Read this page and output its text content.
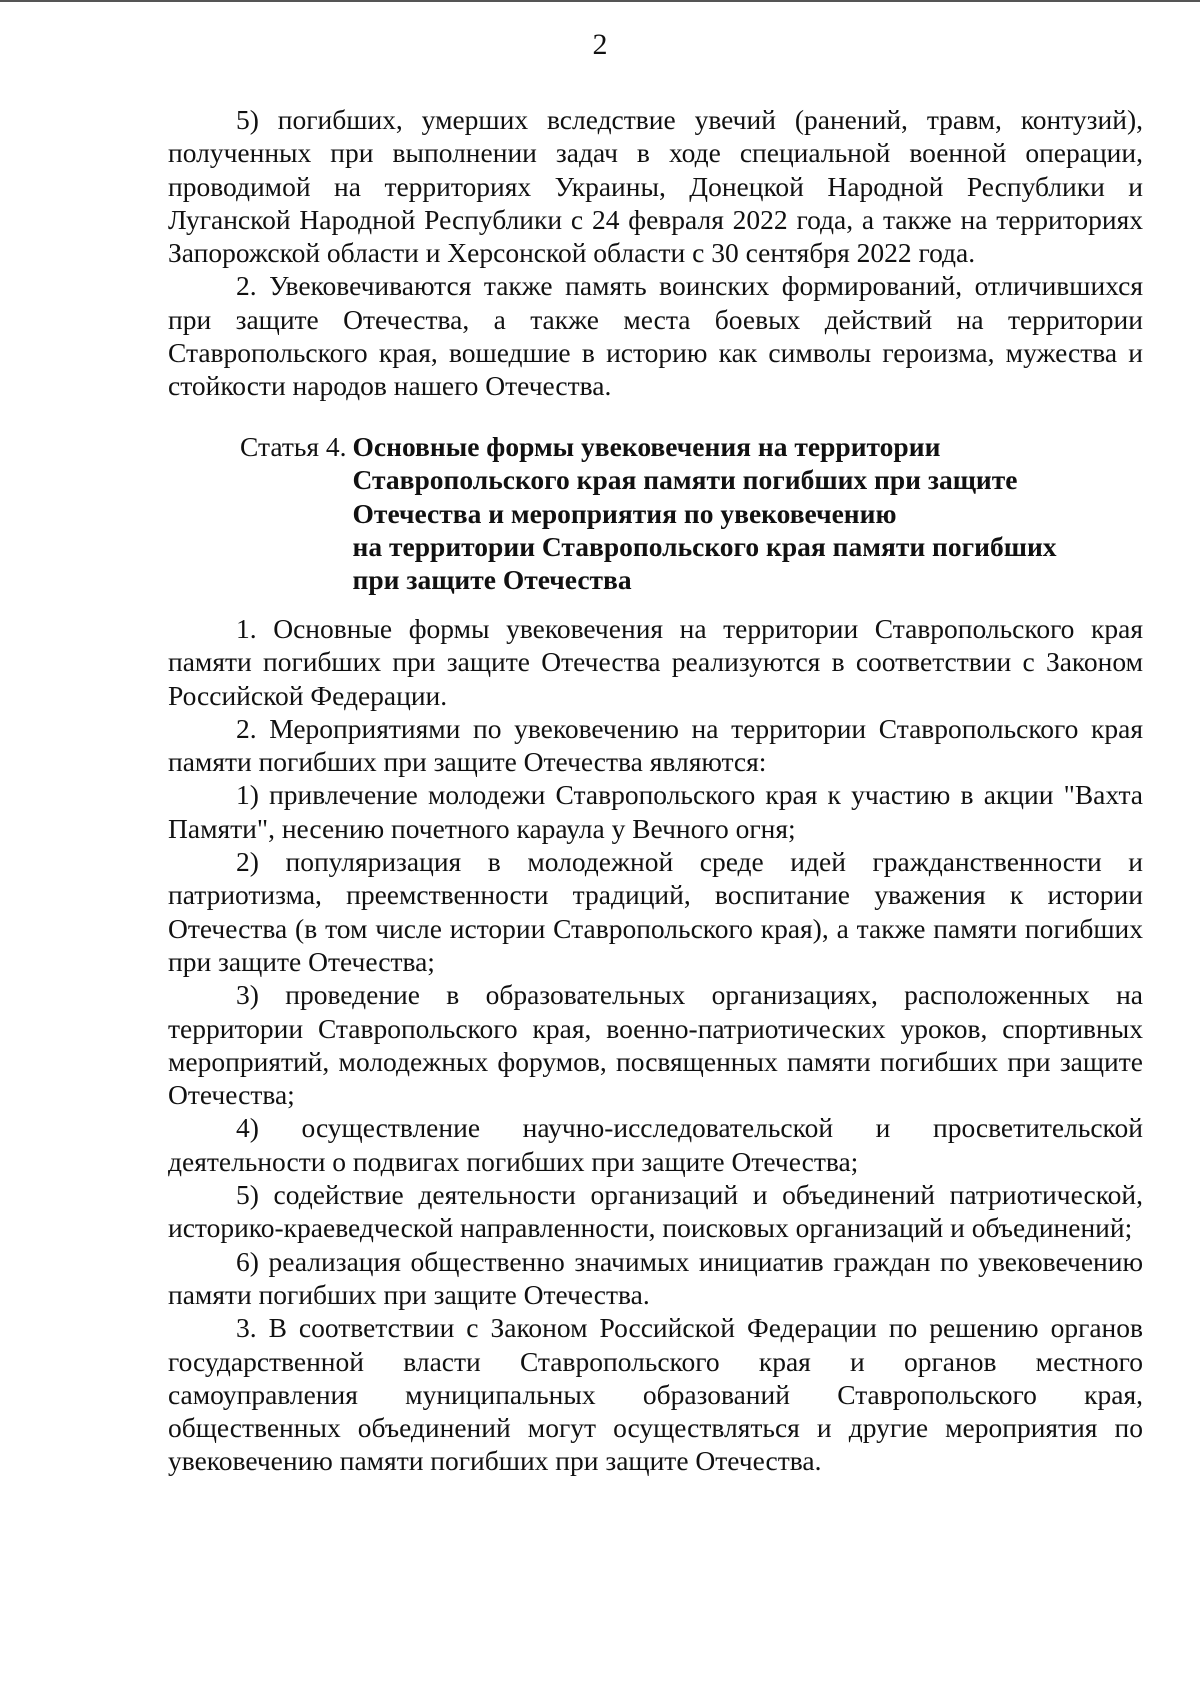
2

5) погибших, умерших вследствие увечий (ранений, травм, контузий), полученных при выполнении задач в ходе специальной военной операции, проводимой на территориях Украины, Донецкой Народной Республики и Луганской Народной Республики с 24 февраля 2022 года, а также на территориях Запорожской области и Херсонской области с 30 сентября 2022 года.

2. Увековечиваются также память воинских формирований, отличившихся при защите Отечества, а также места боевых действий на территории Ставропольского края, вошедшие в историю как символы героизма, мужества и стойкости народов нашего Отечества.

Статья 4. Основные формы увековечения на территории
Ставропольского края памяти погибших при защите
Отечества и мероприятия по увековечению
на территории Ставропольского края памяти погибших
при защите Отечества

1. Основные формы увековечения на территории Ставропольского края памяти погибших при защите Отечества реализуются в соответствии с Законом Российской Федерации.

2. Мероприятиями по увековечению на территории Ставропольского края памяти погибших при защите Отечества являются:

1) привлечение молодежи Ставропольского края к участию в акции "Вахта Памяти", несению почетного караула у Вечного огня;

2) популяризация в молодежной среде идей гражданственности и патриотизма, преемственности традиций, воспитание уважения к истории Отечества (в том числе истории Ставропольского края), а также памяти погибших при защите Отечества;

3) проведение в образовательных организациях, расположенных на территории Ставропольского края, военно-патриотических уроков, спортивных мероприятий, молодежных форумов, посвященных памяти погибших при защите Отечества;

4) осуществление научно-исследовательской и просветительской деятельности о подвигах погибших при защите Отечества;

5) содействие деятельности организаций и объединений патриотической, историко-краеведческой направленности, поисковых организаций и объединений;

6) реализация общественно значимых инициатив граждан по увековечению памяти погибших при защите Отечества.

3. В соответствии с Законом Российской Федерации по решению органов государственной власти Ставропольского края и органов местного самоуправления муниципальных образований Ставропольского края, общественных объединений могут осуществляться и другие мероприятия по увековечению памяти погибших при защите Отечества.
